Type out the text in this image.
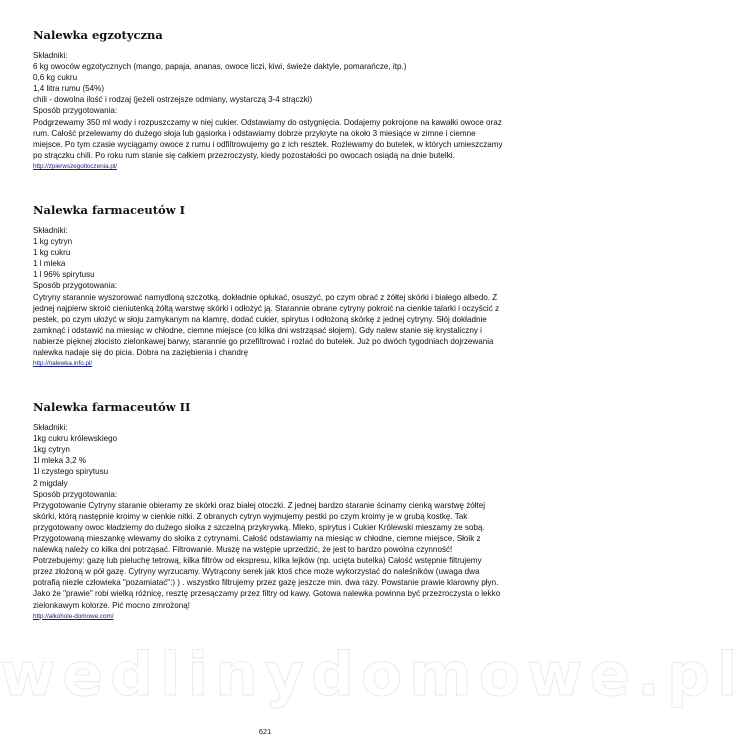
Nalewka egzotyczna
Składniki:
6 kg owoców egzotycznych (mango, papaja, ananas, owoce liczi, kiwi, świeże daktyle, pomarańcze, itp.)
0,6 kg cukru
1,4 litra rumu (54%)
chili - dowolna ilość i rodzaj (jeżeli ostrzejsze odmiany, wystarczą 3-4 strączki)
Sposób przygotowania:
Podgrzewamy 350 ml wody i rozpuszczamy w niej cukier. Odstawiamy do ostygnięcia. Dodajemy pokrojone na kawałki owoce oraz rum. Całość przelewamy do dużego słoja lub gąsiorka i odstawiamy dobrze przykryte na około 3 miesiące w zimne i ciemne miejsce. Po tym czasie wyciągamy owoce z rumu i odfiltrowujemy go z ich resztek. Rozlewamy do butelek, w których umieszczamy po strączku chili. Po roku rum stanie się całkiem przezroczysty, kiedy pozostałości po owocach osiądą na dnie butelki.
http://zpierwszegotloczenia.pl/
Nalewka farmaceutów I
Składniki:
1 kg cytryn
1 kg cukru
1 l mleka
1 l 96% spirytusu
Sposób przygotowania:
Cytryny starannie wyszorować namydloną szczotką, dokładnie opłukać, osuszyć, po czym obrać z żółtej skórki i białego albedo. Z jednej najpierw skroić cieniutenką żółtą warstwę skórki i odłożyć ją. Starannie obrane cytryny pokroić na cienkie talarki i oczyścić z pestek, po czym ułożyć w słoju zamykanym na klamrę, dodać cukier, spirytus i odłożoną skórkę z jednej cytryny. Słój dokładnie zamknąć i odstawić na miesiąc w chłodne, ciemne miejsce (co kilka dni wstrząsać słojem). Gdy nalew stanie się krystaliczny i nabierze pięknej złocisto zielonkawej barwy, starannie go przefiltrować i rozlać do butelek. Już po dwóch tygodniach dojrzewania nalewka nadaje się do picia. Dobra na zaziębienia i chandrę
http://nalewka.info.pl/
Nalewka farmaceutów II
Składniki:
1kg cukru królewskiego
1kg cytryn
1l mleka 3,2 %
1l czystego spirytusu
2 migdały
Sposób przygotowania:
Przygotowanie Cytryny staranie obieramy ze skórki oraz białej otoczki. Z jednej bardzo staranie ścinamy cienką warstwę żółtej skórki, którą następnie kroimy w cienkie nitki. Z obranych cytryn wyjmujemy pestki po czym kroimy je w grubą kostkę. Tak przygotowany owoc kładziemy do dużego słoika z szczelną przykrywką. Mleko, spirytus i Cukier Królewski mieszamy ze sobą. Przygotowaną mieszankę wlewamy do słoika z cytrynami. Całość odstawiamy na miesiąc w chłodne, ciemne miejsce. Słoik z nalewką należy co kilka dni potrząsać. Filtrowanie. Muszę na wstępie uprzedzić, że jest to bardzo powolna czynność! Potrzebujemy: gazę lub pieluchę tetrową, kilka filtrów od ekspresu, kilka lejków (np. ucięta butelka) Całość wstępnie filtrujemy przez złożoną w pół gazę. Cytryny wyrzucamy. Wytrącony serek jak ktoś chce może wykorzystać do naleśników (uwaga dwa potrafią niezłe człowieka "pozamiatać":) ) . wszystko filtrujemy przez gazę jeszcze min. dwa razy. Powstanie prawie klarowny płyn. Jako że "prawie" robi wielką różnicę, resztę przesączamy przez filtry od kawy. Gotowa nalewka powinna być przezroczysta o lekko zielonkawym kolorze. Pić mocno zmrożoną!
http://alkohole-domowe.com/
wedlinydomowe.pl
621
